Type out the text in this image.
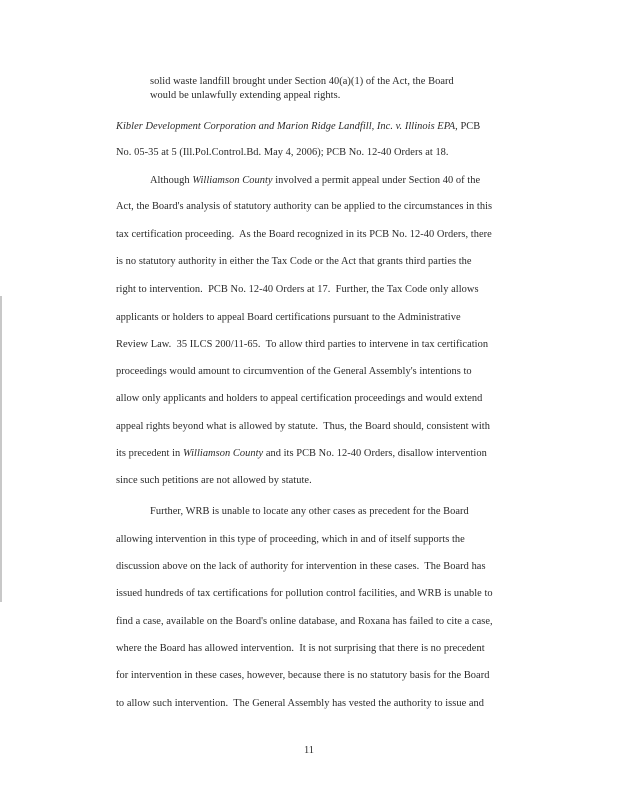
solid waste landfill brought under Section 40(a)(1) of the Act, the Board

would be unlawfully extending appeal rights.

Kibler Development Corporation and Marion Ridge Landfill, Inc. v. Illinois EPA, PCB

No. 05-35 at 5 (Ill.Pol.Control.Bd. May 4, 2006); PCB No. 12-40 Orders at 18.

Although Williamson County involved a permit appeal under Section 40 of the

Act, the Board's analysis of statutory authority can be applied to the circumstances in this

tax certification proceeding.  As the Board recognized in its PCB No. 12-40 Orders, there

is no statutory authority in either the Tax Code or the Act that grants third parties the

right to intervention.  PCB No. 12-40 Orders at 17.  Further, the Tax Code only allows

applicants or holders to appeal Board certifications pursuant to the Administrative

Review Law.  35 ILCS 200/11-65.  To allow third parties to intervene in tax certification

proceedings would amount to circumvention of the General Assembly's intentions to

allow only applicants and holders to appeal certification proceedings and would extend

appeal rights beyond what is allowed by statute.  Thus, the Board should, consistent with

its precedent in Williamson County and its PCB No. 12-40 Orders, disallow intervention

since such petitions are not allowed by statute.

Further, WRB is unable to locate any other cases as precedent for the Board

allowing intervention in this type of proceeding, which in and of itself supports the

discussion above on the lack of authority for intervention in these cases.  The Board has

issued hundreds of tax certifications for pollution control facilities, and WRB is unable to

find a case, available on the Board's online database, and Roxana has failed to cite a case,

where the Board has allowed intervention.  It is not surprising that there is no precedent

for intervention in these cases, however, because there is no statutory basis for the Board

to allow such intervention.  The General Assembly has vested the authority to issue and

11
